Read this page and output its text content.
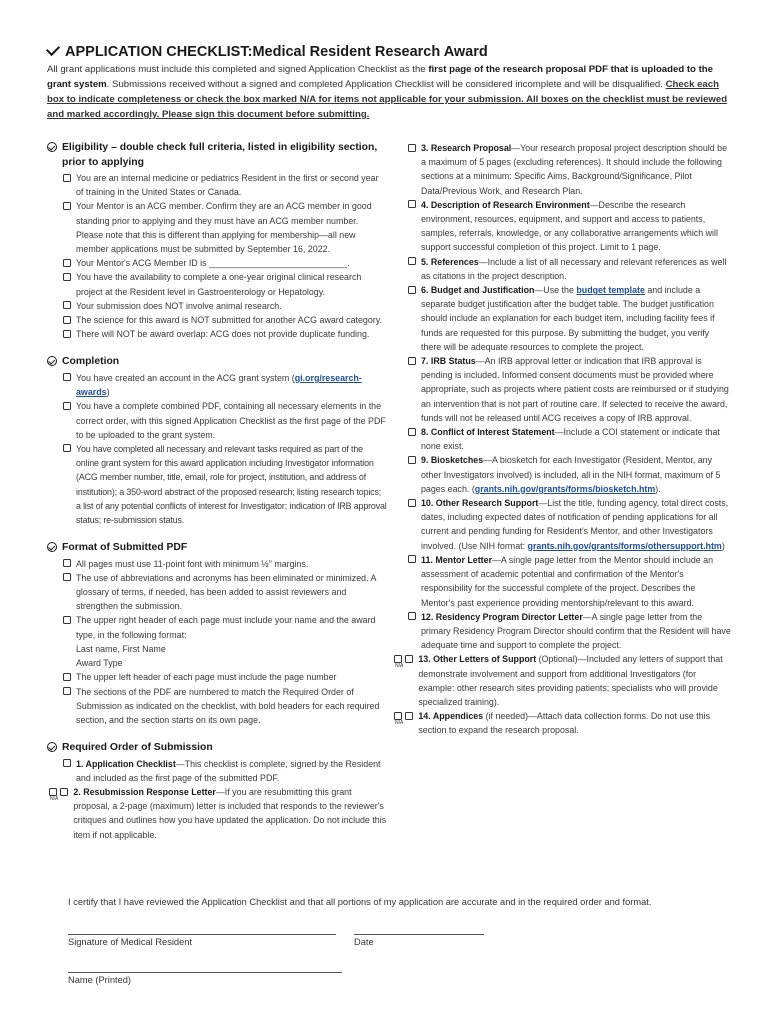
APPLICATION CHECKLIST:Medical Resident Research Award
All grant applications must include this completed and signed Application Checklist as the first page of the research proposal PDF that is uploaded to the grant system. Submissions received without a signed and completed Application Checklist will be considered incomplete and will be disqualified. Check each box to indicate completeness or check the box marked N/A for items not applicable for your submission. All boxes on the checklist must be reviewed and marked accordingly. Please sign this document before submitting.
Eligibility – double check full criteria, listed in eligibility section, prior to applying
You are an internal medicine or pediatrics Resident in the first or second year of training in the United States or Canada.
Your Mentor is an ACG member. Confirm they are an ACG member in good standing prior to applying and they must have an ACG member number. Please note that this is different than applying for membership—all new member applications must be submitted by September 16, 2022.
Your Mentor's ACG Member ID is ____________________________.
You have the availability to complete a one-year original clinical research project at the Resident level in Gastroenterology or Hepatology.
Your submission does NOT involve animal research.
The science for this award is NOT submitted for another ACG award category.
There will NOT be award overlap: ACG does not provide duplicate funding.
Completion
You have created an account in the ACG grant system (gi.org/research-awards)
You have a complete combined PDF, containing all necessary elements in the correct order, with this signed Application Checklist as the first page of the PDF to be uploaded to the grant system.
You have completed all necessary and relevant tasks required as part of the online grant system for this award application including Investigator information (ACG member number, title, email, role for project, institution, and address of institution); a 350-word abstract of the proposed research; listing research topics; a list of any potential conflicts of interest for Investigator; indication of IRB approval status; re-submission status.
Format of Submitted PDF
All pages must use 11-point font with minimum ½" margins.
The use of abbreviations and acronyms has been eliminated or minimized. A glossary of terms, if needed, has been added to assist reviewers and strengthen the submission.
The upper right header of each page must include your name and the award type, in the following format:
Last name, First Name
Award Type
The upper left header of each page must include the page number
The sections of the PDF are numbered to match the Required Order of Submission as indicated on the checklist, with bold headers for each required section, and the section starts on its own page.
Required Order of Submission
1. Application Checklist—This checklist is complete, signed by the Resident and included as the first page of the submitted PDF.
N/A
2. Resubmission Response Letter—If you are resubmitting this grant proposal, a 2-page (maximum) letter is included that responds to the reviewer's critiques and outlines how you have updated the application. Do not include this item if not applicable.
3. Research Proposal—Your research proposal project description should be a maximum of 5 pages (excluding references). It should include the following sections at a minimum: Specific Aims, Background/Significance, Pilot Data/Previous Work, and Research Plan.
4. Description of Research Environment—Describe the research environment, resources, equipment, and support and access to patients, samples, referrals, knowledge, or any collaborative arrangements which will support successful completion of this project. Limit to 1 page.
5. References—Include a list of all necessary and relevant references as well as citations in the project description.
6. Budget and Justification—Use the budget template and include a separate budget justification after the budget table. The budget justification should include an explanation for each budget item, including facility fees if funds are requested for this purpose. By submitting the budget, you verify there will be adequate resources to complete the project.
7. IRB Status—An IRB approval letter or indication that IRB approval is pending is included. Informed consent documents must be provided where appropriate, such as projects where patient costs are reimbursed or if studying an intervention that is not part of routine care. If selected to receive the award, funds will not be released until ACG receives a copy of IRB approval.
8. Conflict of Interest Statement—Include a COI statement or indicate that none exist.
9. Biosketches—A biosketch for each Investigator (Resident, Mentor, any other Investigators involved) is included, all in the NIH format, maximum of 5 pages each. (grants.nih.gov/grants/forms/biosketch.htm).
10. Other Research Support—List the title, funding agency, total direct costs, dates, including expected dates of notification of pending applications for all current and pending funding for Resident's Mentor, and other Investigators involved. (Use NIH format: grants.nih.gov/grants/forms/othersupport.htm)
11. Mentor Letter—A single page letter from the Mentor should include an assessment of academic potential and confirmation of the Mentor's responsibility for the successful complete of the project. Describes the Mentor's past experience providing mentorship/relevant to this award.
12. Residency Program Director Letter—A single page letter from the primary Residency Program Director should confirm that the Resident will have adequate time and support to complete the project.
N/A
13. Other Letters of Support (Optional)—Included any letters of support that demonstrate involvement and support from additional Investigators (for example: other research sites providing patients; specialists who will provide specialized training).
N/A
14. Appendices (if needed)—Attach data collection forms. Do not use this section to expand the research proposal.
I certify that I have reviewed the Application Checklist and that all portions of my application are accurate and in the required order and format.
Signature of Medical Resident	Date
Name (Printed)
